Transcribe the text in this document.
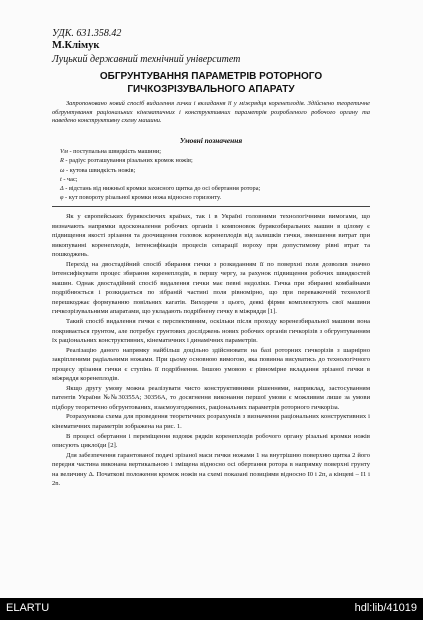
УДК. 631.358.42
М.Клімук
Луцький державний технічний університет
ОБГРУНТУВАННЯ ПАРАМЕТРІВ РОТОРНОГО ГИЧКОЗРІЗУВАЛЬНОГО АПАРАТУ
Запропоновано новий спосіб видалення гички і вкладання її у міжрядця коренеплодів. Здійснено теоретичне обгрунтування раціональних кінематичних і конструктивних параметрів розробленого робочого органу та наведено конструктивну схему машини.
Умовні позначення
Vм - поступальна швидкість машини;
R - радіус розташування різальних кромок ножів;
ω - кутова швидкість ножів;
t - час;
Δ - відстань від нижньої кромки захисного щитка до осі обертання ротора;
φ - кут повороту різальної кромки ножа відносно горизонту.

Як у європейських бурякосіючих країнах, так і в Україні головними технологічними вимогами, що визначають напрямки вдосконалення робочих органів і компоновок бурякозбиральних машин в цілому є підвищення якості зрізання та доочищення головок коренеплодів від залишків гички, зменшення витрат при викопуванні коренеплодів, інтенсифікація процесів сепарації вороху при допустимому рівні втрат та пошкоджень.

Перехід на двостадійний спосіб збирання гички з розкиданням її по поверхні поля дозволив значно інтенсифікувати процес збирання коренеплодів, в першу чергу, за рахунок підвищення робочих швидкостей машин. Однак двостадійний спосіб видалення гички має певні недоліки. Гичка при збиранні комбайнами подрібнюється і розкидається по зібраній частині поля рівномірно, що при переважочній технології перешкоджає формуванню повільних кагатів. Виходячи з цього, деякі фірми комплектують свої машини гичкозрізувальними апаратами, що укладають подрібнену гичку в міжряддя [1].

Такий спосіб видалення гички є перспективним, оскільки після проходу коренезбиральної машини вона покривається грунтом, але потребує грунтових досліджень нових робочих органів гичкорізів з обгрунтуванням їх раціональних конструктивних, кінематичних і динамічних параметрів.

Реалізацію даного напрямку найбільш доцільно здійснювати на базі роторних гичкорізів з шарнірно закріпленими радіальними ножами. При цьому основною вимогою, яка повинна висуватись до технологічного процесу зрізання гички є ступінь її подрібнення. Іншою умовою є рівномірне вкладання зрізаної гички в міжряддя коренеплодів.

Якщо другу умову можна реалізувати чисто конструктивними рішеннями, наприклад, застосуванням патентів України №№30355А; 30356А, то досягнення виконання першої умови є можливим лише за умови підбору теоретично обгрунтованих, взаємоузгоджених, раціональних параметрів роторного гичкоріза.

Розрахункова схема для проведення теоретичних розрахунків з визначення раціональних конструктивних і кінематичних параметрів зображена на рис. 1.

В процесі обертання і переміщення вздовж рядків коренеплодів робочого органу різальні кромки ножів описують циклоїди [2].

Для забезпечення гарантованої подачі зрізаної маси гички ножами 1 на внутрішню поверхню щитка 2 його передня частина виконана вертикальною і зміщена відносно осі обертання ротора в напрямку поверхні грунту на величину Δ. Початкові положення кромок ножів на схемі показані позиціями відносно I0 і 2п, а кінцеві – I1 і 2n.

ELARTU	hdl:lib/41019
